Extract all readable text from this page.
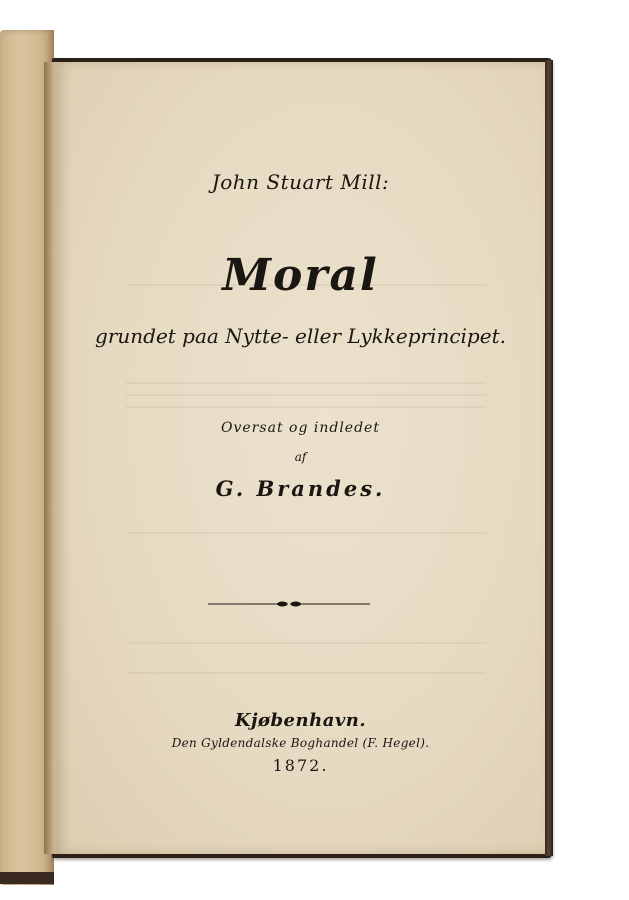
John Stuart Mill:
Moral
grundet paa Nytte- eller Lykkeprincipet.
Oversat og indledet
af
G. Brandes.
Kjøbenhavn.
Den Gyldendalske Boghandel (F. Hegel).
1872.
